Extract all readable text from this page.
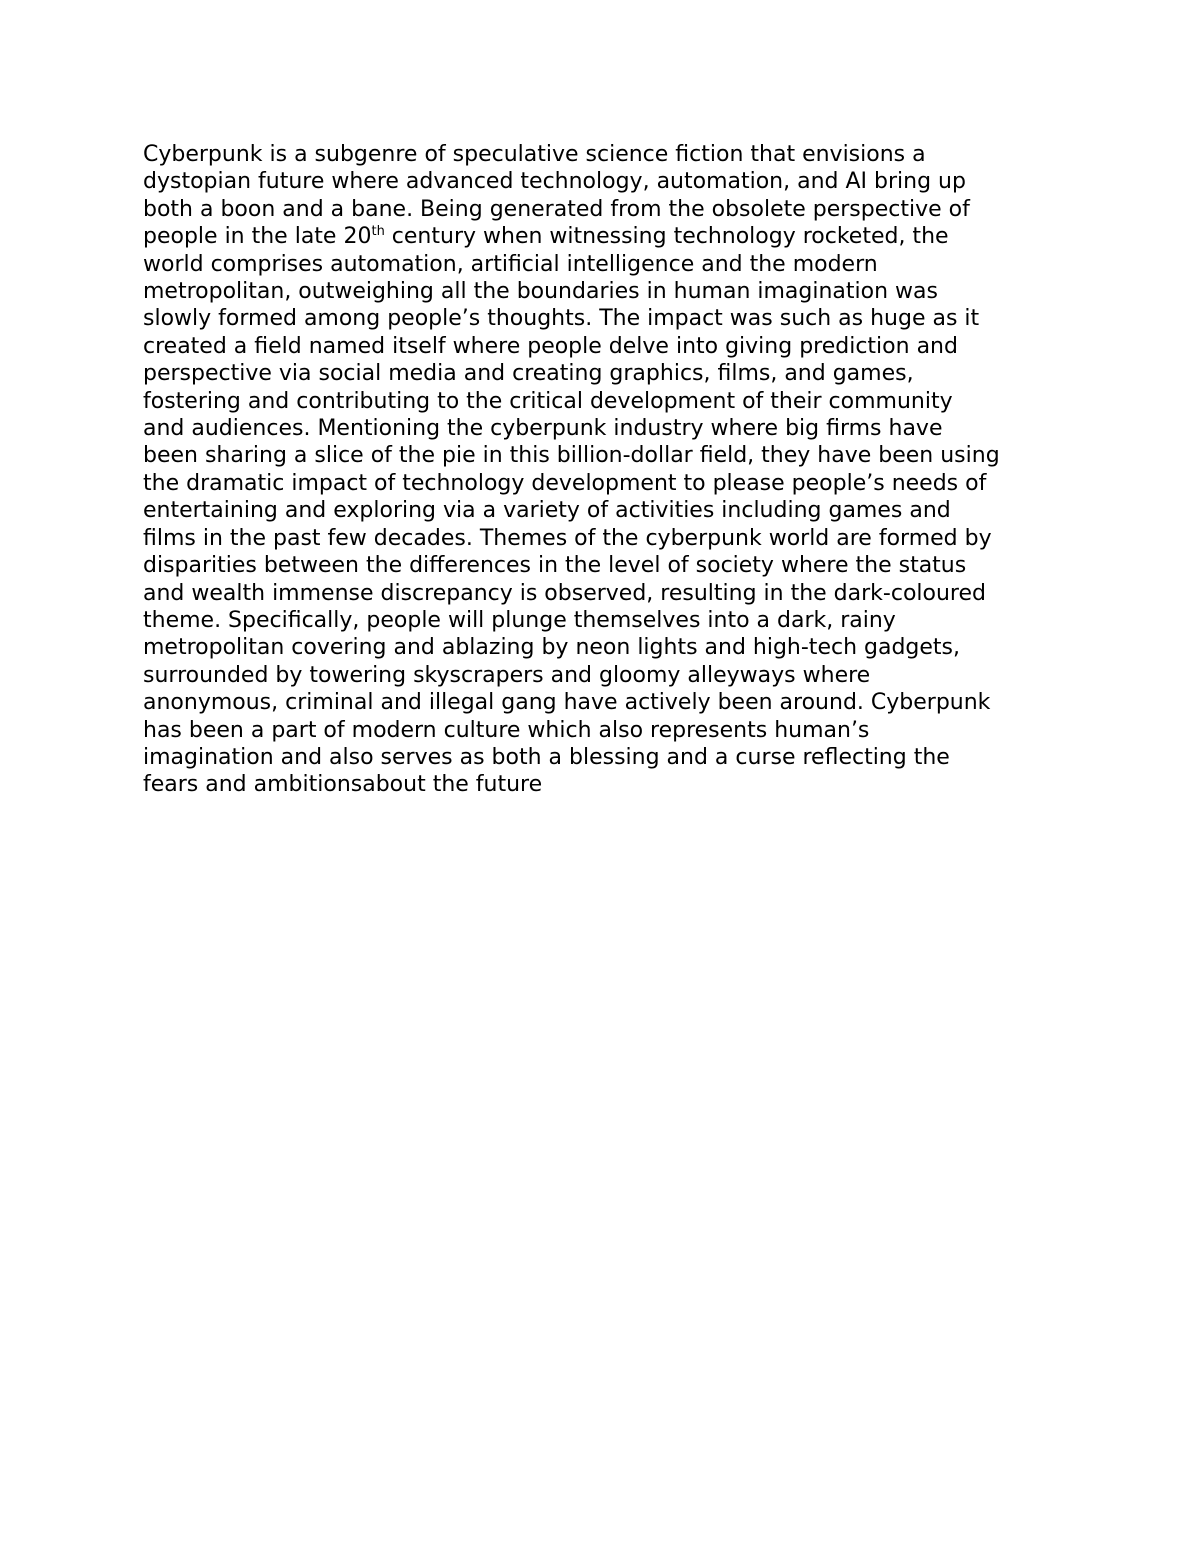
Cyberpunk is a subgenre of speculative science fiction that envisions a
dystopian future where advanced technology, automation, and AI bring up
both a boon and a bane. Being generated from the obsolete perspective of
people in the late 20th century when witnessing technology rocketed, the
world comprises automation, artificial intelligence and the modern
metropolitan, outweighing all the boundaries in human imagination was
slowly formed among people’s thoughts. The impact was such as huge as it
created a field named itself where people delve into giving prediction and
perspective via social media and creating graphics, films, and games,
fostering and contributing to the critical development of their community
and audiences. Mentioning the cyberpunk industry where big firms have
been sharing a slice of the pie in this billion-dollar field, they have been using
the dramatic impact of technology development to please people’s needs of
entertaining and exploring via a variety of activities including games and
films in the past few decades. Themes of the cyberpunk world are formed by
disparities between the differences in the level of society where the status
and wealth immense discrepancy is observed, resulting in the dark-coloured
theme. Specifically, people will plunge themselves into a dark, rainy
metropolitan covering and ablazing by neon lights and high-tech gadgets,
surrounded by towering skyscrapers and gloomy alleyways where
anonymous, criminal and illegal gang have actively been around. Cyberpunk
has been a part of modern culture which also represents human’s
imagination and also serves as both a blessing and a curse reflecting the
fears and ambitionsabout the future
